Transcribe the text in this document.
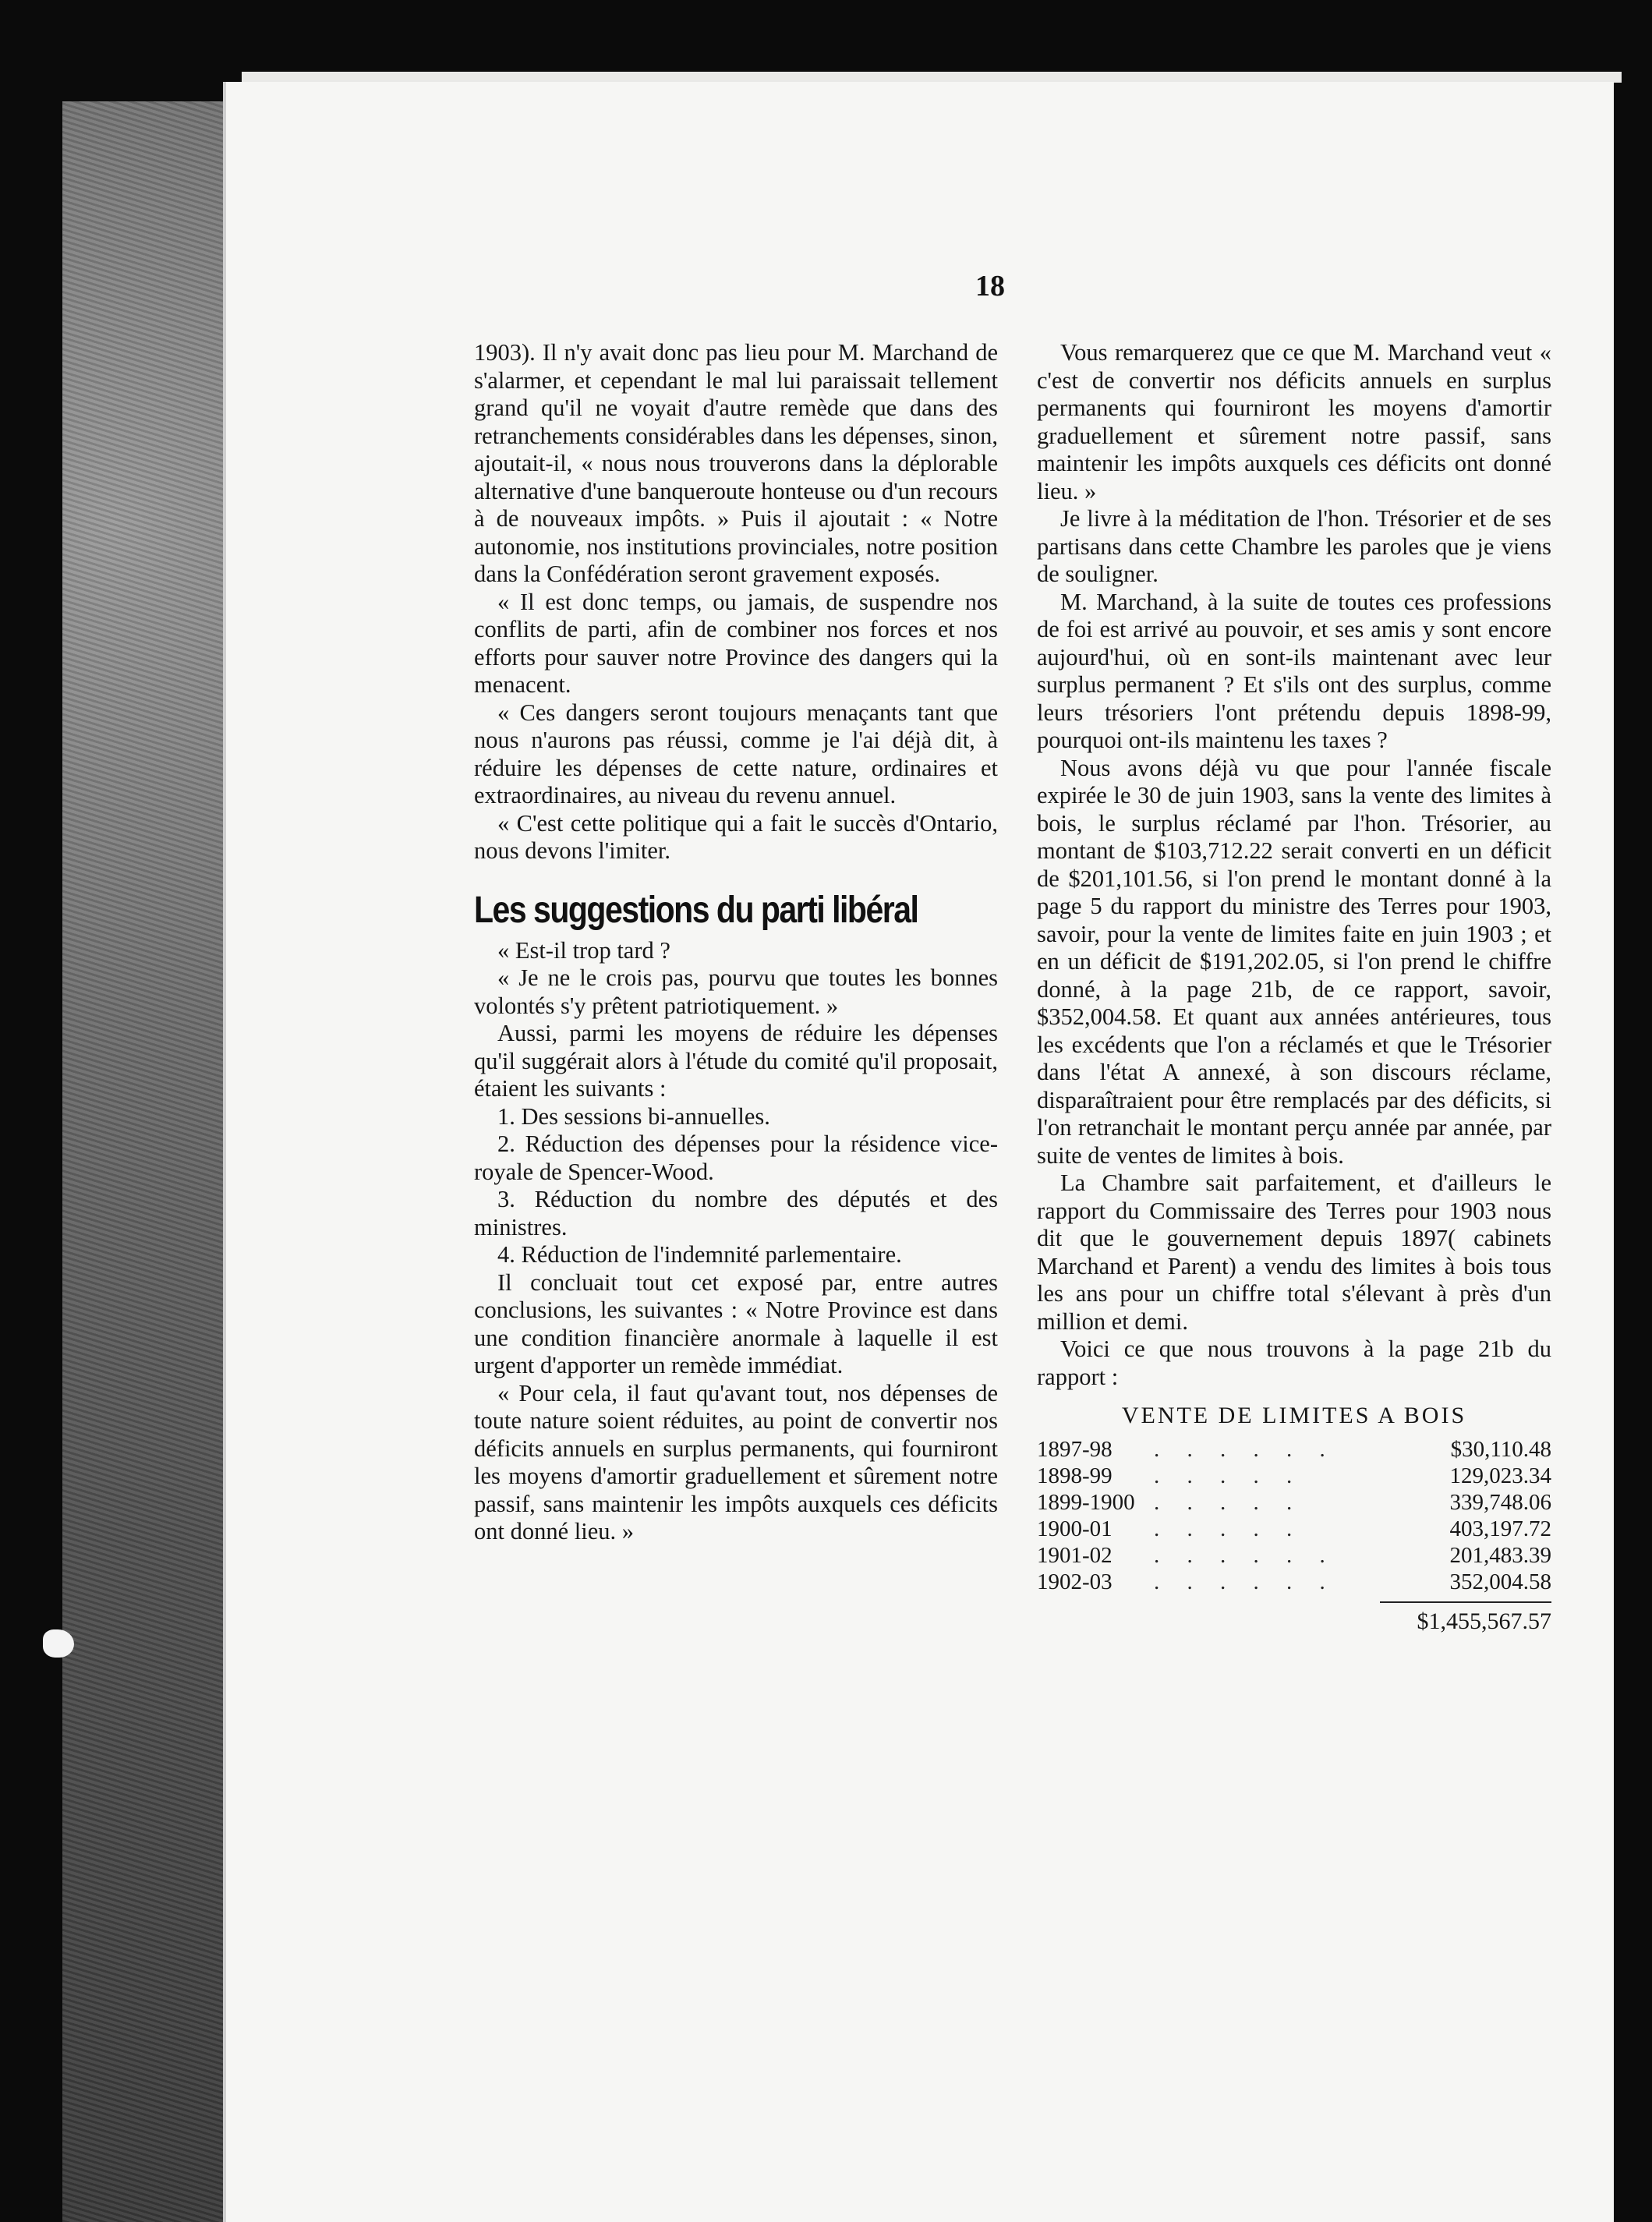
18

1903). Il n'y avait donc pas lieu pour M. Marchand de s'alarmer, et cependant le mal lui paraissait tellement grand qu'il ne voyait d'autre remède que dans des retranchements considérables dans les dépenses, sinon, ajoutait-il, « nous nous trouverons dans la déplorable alternative d'une banqueroute honteuse ou d'un recours à de nouveaux impôts. » Puis il ajoutait : « Notre autonomie, nos institutions provinciales, notre position dans la Confédération seront gravement exposés.

« Il est donc temps, ou jamais, de suspendre nos conflits de parti, afin de combiner nos forces et nos efforts pour sauver notre Province des dangers qui la menacent.

« Ces dangers seront toujours menaçants tant que nous n'aurons pas réussi, comme je l'ai déjà dit, à réduire les dépenses de cette nature, ordinaires et extraordinaires, au niveau du revenu annuel.

« C'est cette politique qui a fait le succès d'Ontario, nous devons l'imiter.

Les suggestions du parti libéral

« Est-il trop tard ?

« Je ne le crois pas, pourvu que toutes les bonnes volontés s'y prêtent patriotiquement. »

Aussi, parmi les moyens de réduire les dépenses qu'il suggérait alors à l'étude du comité qu'il proposait, étaient les suivants :

1. Des sessions bi-annuelles.

2. Réduction des dépenses pour la résidence vice-royale de Spencer-Wood.

3. Réduction du nombre des députés et des ministres.

4. Réduction de l'indemnité parlementaire.

Il concluait tout cet exposé par, entre autres conclusions, les suivantes : « Notre Province est dans une condition financière anormale à laquelle il est urgent d'apporter un remède immédiat.

« Pour cela, il faut qu'avant tout, nos dépenses de toute nature soient réduites, au point de convertir nos déficits annuels en surplus permanents, qui fourniront les moyens d'amortir graduellement et sûrement notre passif, sans maintenir les impôts auxquels ces déficits ont donné lieu. »

Vous remarquerez que ce que M. Marchand veut « c'est de convertir nos déficits annuels en surplus permanents qui fourniront les moyens d'amortir graduellement et sûrement notre passif, sans maintenir les impôts auxquels ces déficits ont donné lieu. »

Je livre à la méditation de l'hon. Trésorier et de ses partisans dans cette Chambre les paroles que je viens de souligner.

M. Marchand, à la suite de toutes ces professions de foi est arrivé au pouvoir, et ses amis y sont encore aujourd'hui, où en sont-ils maintenant avec leur surplus permanent ? Et s'ils ont des surplus, comme leurs trésoriers l'ont prétendu depuis 1898-99, pourquoi ont-ils maintenu les taxes ?

Nous avons déjà vu que pour l'année fiscale expirée le 30 de juin 1903, sans la vente des limites à bois, le surplus réclamé par l'hon. Trésorier, au montant de $103,712.22 serait converti en un déficit de $201,101.56, si l'on prend le montant donné à la page 5 du rapport du ministre des Terres pour 1903, savoir, pour la vente de limites faite en juin 1903 ; et en un déficit de $191,202.05, si l'on prend le chiffre donné, à la page 21b, de ce rapport, savoir, $352,004.58. Et quant aux années antérieures, tous les excédents que l'on a réclamés et que le Trésorier dans l'état A annexé, à son discours réclame, disparaîtraient pour être remplacés par des déficits, si l'on retranchait le montant perçu année par année, par suite de ventes de limites à bois.

La Chambre sait parfaitement, et d'ailleurs le rapport du Commissaire des Terres pour 1903 nous dit que le gouvernement depuis 1897( cabinets Marchand et Parent) a vendu des limites à bois tous les ans pour un chiffre total s'élevant à près d'un million et demi.

Voici ce que nous trouvons à la page 21b du rapport :

VENTE DE LIMITES A BOIS
1897-98	. . . . . .	$30,110.48
1898-99	. . . . .	129,023.34
1899-1900	. . . . .	339,748.06
1900-01	. . . . .	403,197.72
1901-02	. . . . . .	201,483.39
1902-03	. . . . . .	352,004.58
$1,455,567.57
